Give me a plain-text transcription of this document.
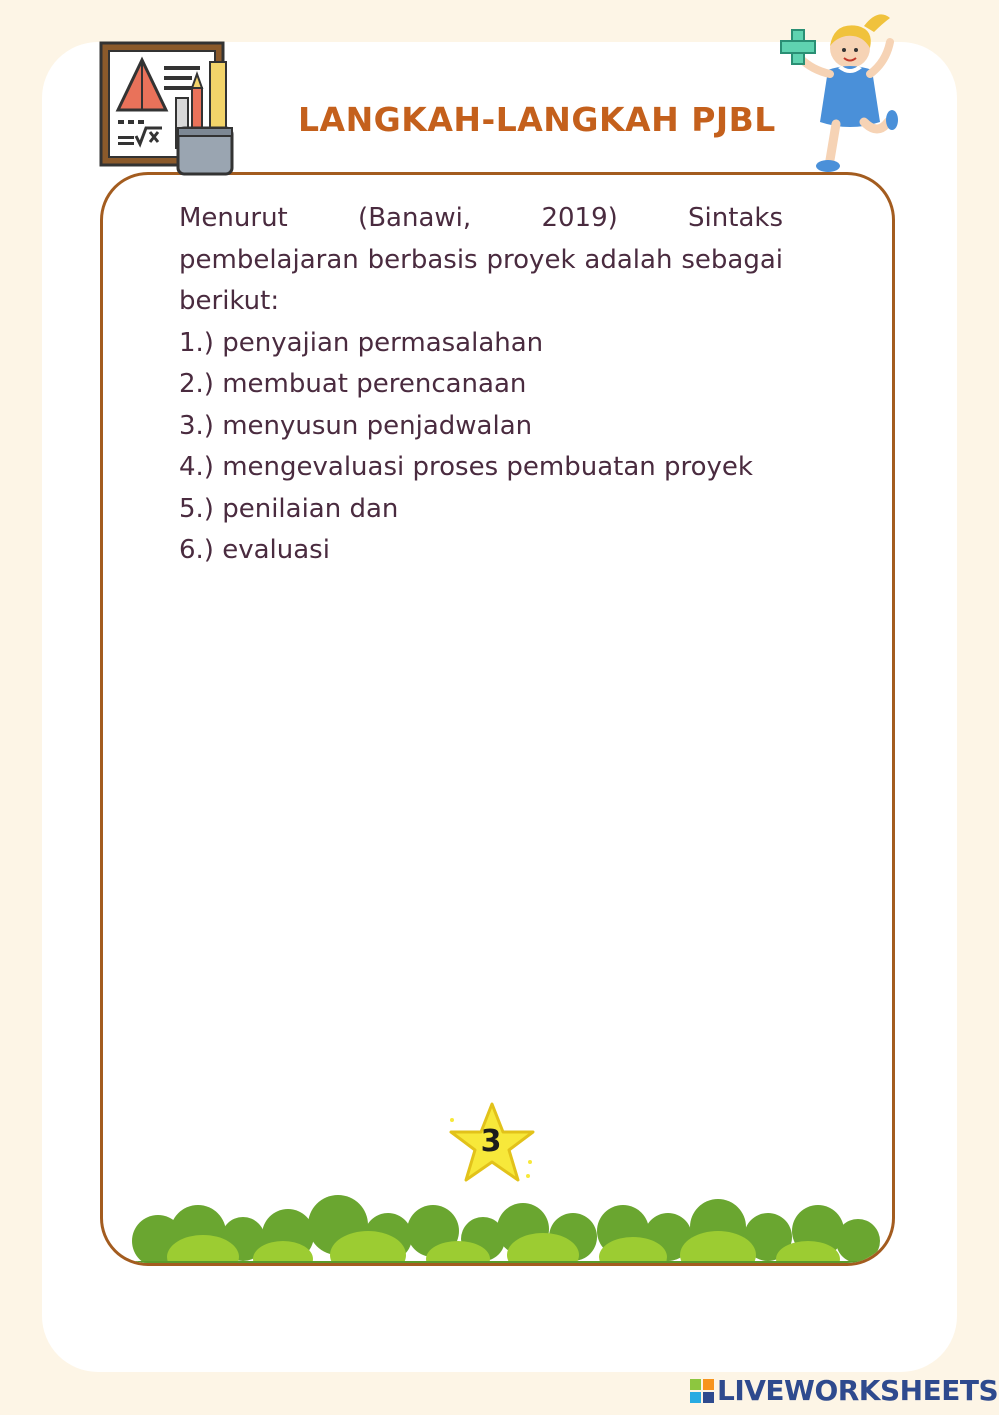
LANGKAH-LANGKAH PJBL

Menurut (Banawi, 2019) Sintaks pembelajaran berbasis proyek adalah sebagai berikut:

1.) penyajian permasalahan
2.) membuat perencanaan
3.) menyusun penjadwalan
4.) mengevaluasi proses pembuatan proyek
5.) penilaian dan
6.) evaluasi
3
LIVEWORKSHEETS
